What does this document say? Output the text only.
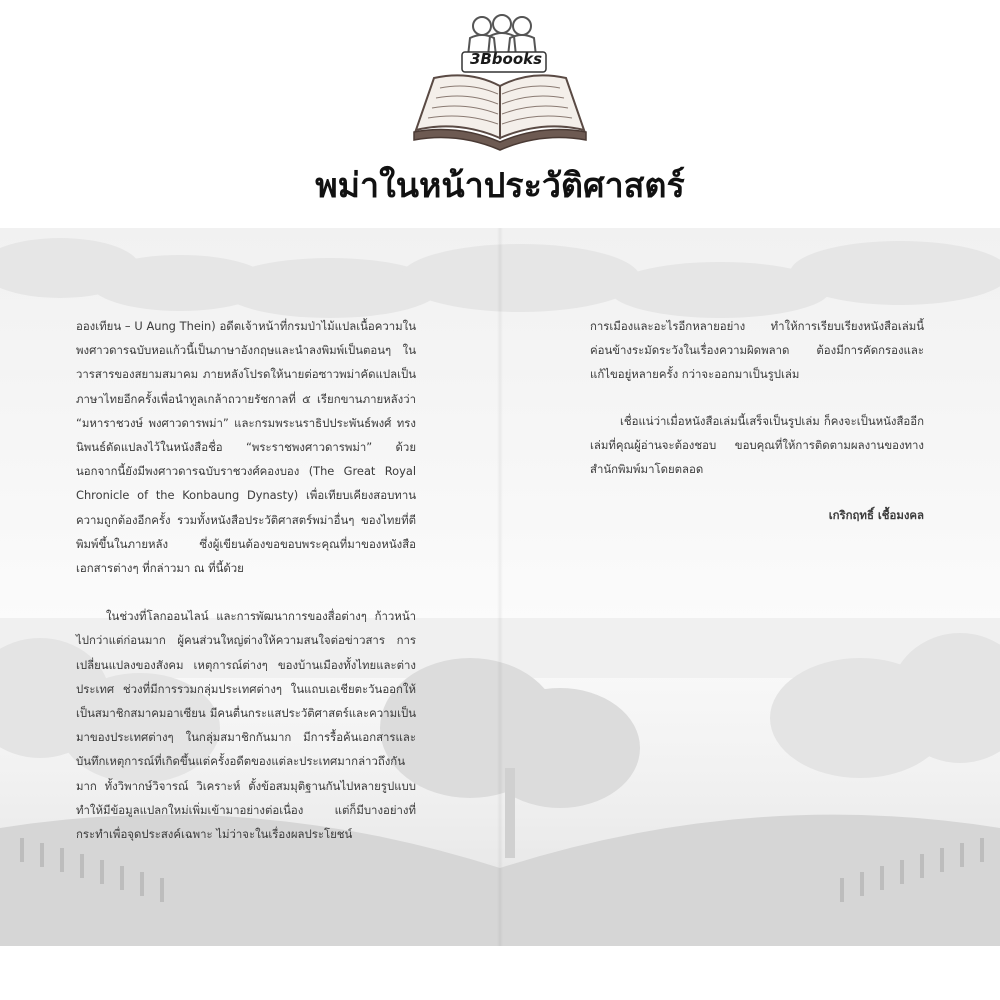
3Bbooks
พม่าในหน้าประวัติศาสตร์

ออง​เทียน – U Aung Thein) อดีตเจ้าหน้าที่กรมป่าไม้แปลเนื้อความในพงศาวดารฉบับหอแก้วนี้เป็นภาษาอังกฤษและนำลงพิมพ์เป็นตอนๆ ในวารสารของสยามสมาคม ภายหลังโปรดให้นายต่อซาวพม่าคัดแปลเป็นภาษาไทยอีกครั้งเพื่อนำทูลเกล้าถวายรัชกาลที่ ๕ เรียกขานภายหลังว่า “มหาราชวงษ์ พงศาวดารพม่า” และกรมพระนราธิปประพันธ์พงศ์ ทรงนิพนธ์ดัดแปลงไว้ในหนังสือชื่อ “พระราชพงศาวดารพม่า” ด้วย นอกจากนี้ยังมีพงศาวดารฉบับราชวงศ์คองบอง (The Great Royal Chronicle of the Konbaung Dynasty) เพื่อเทียบเคียงสอบทานความถูกต้องอีกครั้ง รวมทั้งหนังสือประวัติศาสตร์พม่าอื่นๆ ของไทยที่ตีพิมพ์ขึ้นในภายหลัง ซึ่งผู้เขียนต้องขอขอบพระคุณที่มาของหนังสือ เอกสารต่างๆ ที่กล่าวมา ณ ที่นี้ด้วย

ในช่วงที่โลกออนไลน์ และการพัฒนาการของสื่อต่างๆ ก้าวหน้าไปกว่าแต่ก่อนมาก ผู้คนส่วนใหญ่ต่างให้ความสนใจต่อข่าวสาร การเปลี่ยนแปลงของสังคม เหตุการณ์ต่างๆ ของบ้านเมืองทั้งไทยและต่างประเทศ ช่วงที่มีการรวมกลุ่มประเทศต่างๆ ในแถบเอเชียตะวันออกให้เป็นสมาชิกสมาคมอาเซียน มีคนตื่นกระแสประวัติศาสตร์และความเป็นมาของประเทศต่างๆ ในกลุ่มสมาชิกกันมาก มีการรื้อค้นเอกสารและบันทึกเหตุการณ์ที่เกิดขึ้นแต่ครั้งอดีตของแต่ละประเทศมากล่าวถึงกันมาก ทั้งวิพากษ์วิจารณ์ วิเคราะห์ ตั้งข้อสมมุติฐานกันไปหลายรูปแบบ ทำให้มีข้อมูลแปลกใหม่เพิ่มเข้ามาอย่างต่อเนื่อง แต่ก็มีบางอย่างที่กระทำเพื่อจุดประสงค์เฉพาะ ไม่ว่าจะในเรื่องผลประโยชน์

การเมืองและอะไรอีกหลายอย่าง ทำให้การเรียบเรียงหนังสือเล่มนี้ค่อนข้างระมัดระวังในเรื่องความผิดพลาด ต้องมีการคัดกรองและแก้ไขอยู่หลายครั้ง กว่าจะออกมาเป็นรูปเล่ม

เชื่อแน่ว่าเมื่อหนังสือเล่มนี้เสร็จเป็นรูปเล่ม ก็คงจะเป็นหนังสืออีกเล่มที่คุณผู้อ่านจะต้องชอบ ขอบคุณที่ให้การติดตามผลงานของทางสำนักพิมพ์มาโดยตลอด

เกริกฤทธิ์ เชื้อมงคล
